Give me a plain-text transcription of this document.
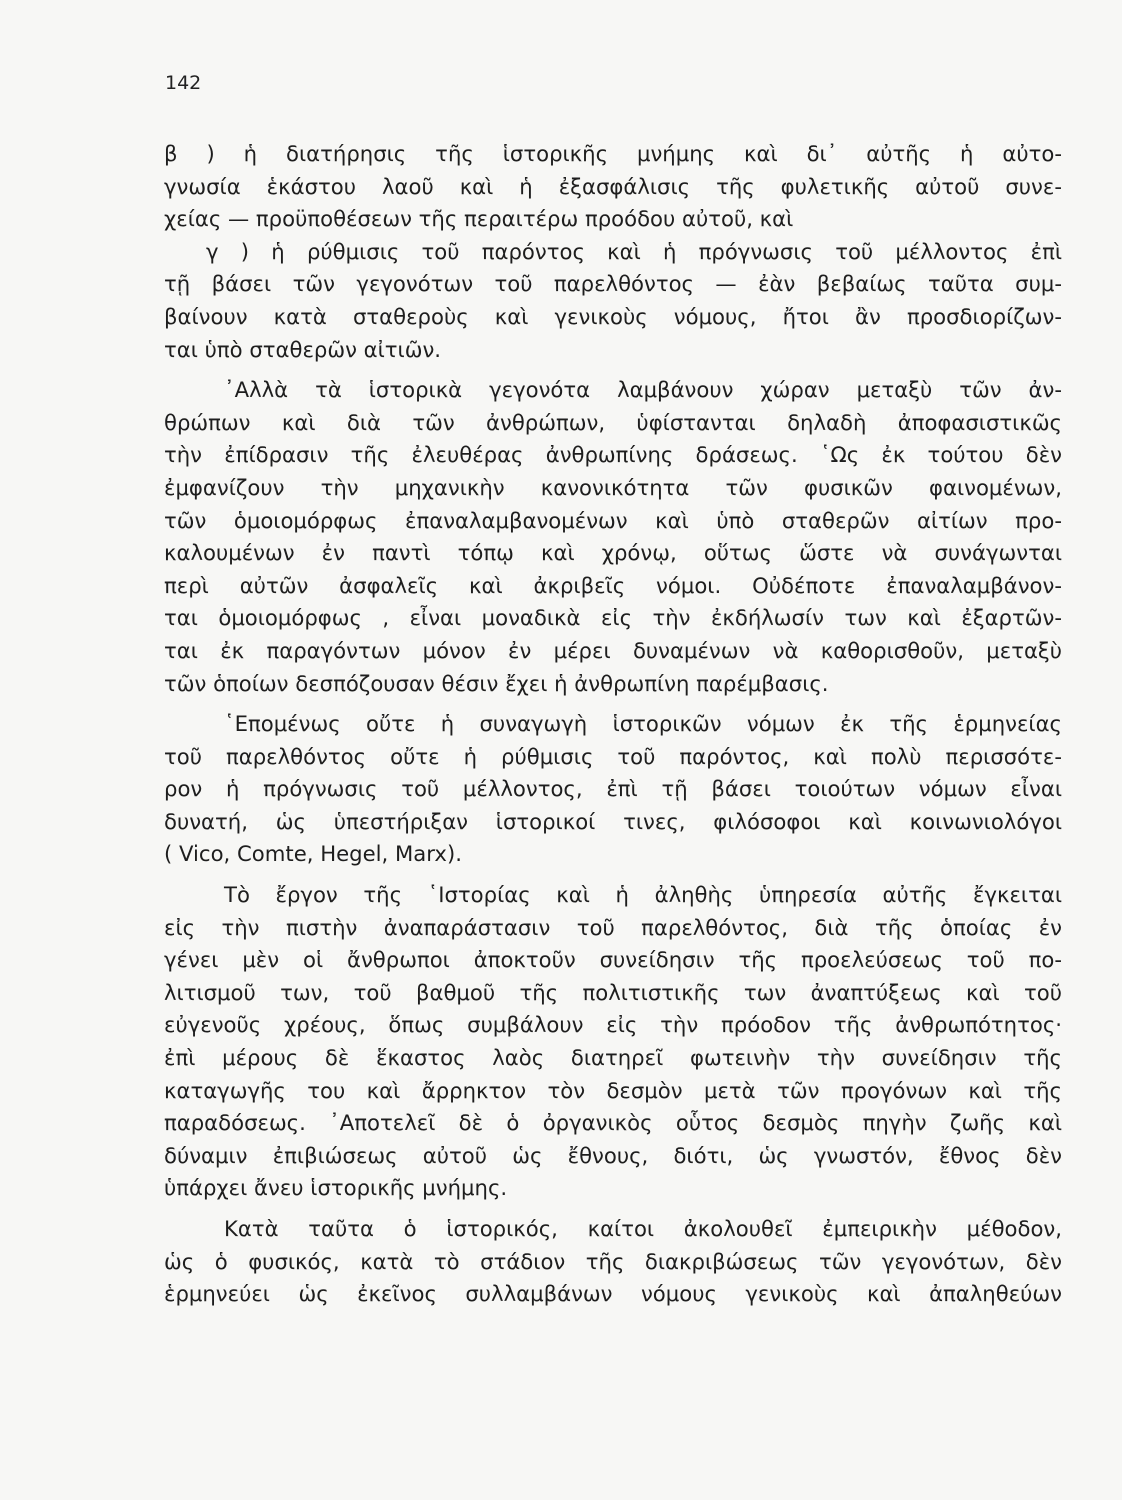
142
β ) ἡ διατήρησις τῆς ἱστορικῆς μνήμης καὶ δι᾽ αὐτῆς ἡ αὐτο-
γνωσία ἑκάστου λαοῦ καὶ ἡ ἐξασφάλισις τῆς φυλετικῆς αὐτοῦ συνε-
χείας — προϋποθέσεων τῆς περαιτέρω προόδου αὐτοῦ, καὶ
γ ) ἡ ρύθμισις τοῦ παρόντος καὶ ἡ πρόγνωσις τοῦ μέλλοντος ἐπὶ
τῇ βάσει τῶν γεγονότων τοῦ παρελθόντος — ἐὰν βεβαίως ταῦτα συμ-
βαίνουν κατὰ σταθεροὺς καὶ γενικοὺς νόμους, ἤτοι ἂν προσδιορίζων-
ται ὑπὸ σταθερῶν αἰτιῶν.
᾿Αλλὰ τὰ ἱστορικὰ γεγονότα λαμβάνουν χώραν μεταξὺ τῶν ἀν-
θρώπων καὶ διὰ τῶν ἀνθρώπων, ὑφίστανται δηλαδὴ ἀποφασιστικῶς
τὴν ἐπίδρασιν τῆς ἐλευθέρας ἀνθρωπίνης δράσεως. ῾Ως ἐκ τούτου δὲν
ἐμφανίζουν τὴν μηχανικὴν κανονικότητα τῶν φυσικῶν φαινομένων,
τῶν ὁμοιομόρφως ἐπαναλαμβανομένων καὶ ὑπὸ σταθερῶν αἰτίων προ-
καλουμένων ἐν παντὶ τόπῳ καὶ χρόνῳ, οὕτως ὥστε νὰ συνάγωνται
περὶ αὐτῶν ἀσφαλεῖς καὶ ἀκριβεῖς νόμοι. Οὐδέποτε ἐπαναλαμβάνον-
ται ὁμοιομόρφως , εἶναι μοναδικὰ εἰς τὴν ἐκδήλωσίν των καὶ ἐξαρτῶν-
ται ἐκ παραγόντων μόνον ἐν μέρει δυναμένων νὰ καθορισθοῦν, μεταξὺ
τῶν ὁποίων δεσπόζουσαν θέσιν ἔχει ἡ ἀνθρωπίνη παρέμβασις.
῾Επομένως οὔτε ἡ συναγωγὴ ἱστορικῶν νόμων ἐκ τῆς ἑρμηνείας
τοῦ παρελθόντος οὔτε ἡ ρύθμισις τοῦ παρόντος, καὶ πολὺ περισσότε-
ρον ἡ πρόγνωσις τοῦ μέλλοντος, ἐπὶ τῇ βάσει τοιούτων νόμων εἶναι
δυνατή, ὡς ὑπεστήριξαν ἱστορικοί τινες, φιλόσοφοι καὶ κοινωνιολόγοι
( Vico, Comte, Hegel, Marx).
Τὸ ἔργον τῆς ῾Ιστορίας καὶ ἡ ἀληθὴς ὑπηρεσία αὐτῆς ἔγκειται
εἰς τὴν πιστὴν ἀναπαράστασιν τοῦ παρελθόντος, διὰ τῆς ὁποίας ἐν
γένει μὲν οἱ ἄνθρωποι ἀποκτοῦν συνείδησιν τῆς προελεύσεως τοῦ πο-
λιτισμοῦ των, τοῦ βαθμοῦ τῆς πολιτιστικῆς των ἀναπτύξεως καὶ τοῦ
εὐγενοῦς χρέους, ὅπως συμβάλουν εἰς τὴν πρόοδον τῆς ἀνθρωπότητος·
ἐπὶ μέρους δὲ ἕκαστος λαὸς διατηρεῖ φωτεινὴν τὴν συνείδησιν τῆς
καταγωγῆς του καὶ ἄρρηκτον τὸν δεσμὸν μετὰ τῶν προγόνων καὶ τῆς
παραδόσεως. ᾿Αποτελεῖ δὲ ὁ ὀργανικὸς οὗτος δεσμὸς πηγὴν ζωῆς καὶ
δύναμιν ἐπιβιώσεως αὐτοῦ ὡς ἔθνους, διότι, ὡς γνωστόν, ἔθνος δὲν
ὑπάρχει ἄνευ ἱστορικῆς μνήμης.
Κατὰ ταῦτα ὁ ἱστορικός, καίτοι ἀκολουθεῖ ἐμπειρικὴν μέθοδον,
ὡς ὁ φυσικός, κατὰ τὸ στάδιον τῆς διακριβώσεως τῶν γεγονότων, δὲν
ἑρμηνεύει ὡς ἐκεῖνος συλλαμβάνων νόμους γενικοὺς καὶ ἀπαληθεύων
